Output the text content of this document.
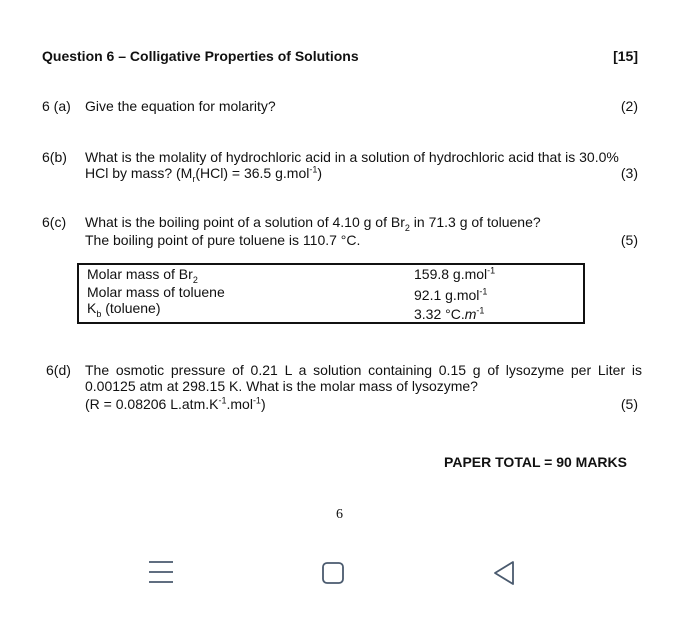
Question 6 – Colligative Properties of Solutions	[15]
6 (a) Give the equation for molarity?	(2)
6(b) What is the molality of hydrochloric acid in a solution of hydrochloric acid that is 30.0%
HCl by mass? ($M_r(HCl) = 36.5$ g.mol$^{-1}$)	(3)
6(c) What is the boiling point of a solution of 4.10 g of $Br_2$ in 71.3 g of toluene?
The boiling point of pure toluene is 110.7 °C.	(5)
Molar mass of $Br_2$	159.8 g.mol$^{-1}$
Molar mass of toluene	92.1 g.mol$^{-1}$
$K_b$ (toluene)	3.32 $^\circ C.m^{-1}$
6(d) The osmotic pressure of 0.21 L a solution containing 0.15 g of lysozyme per Liter is
0.00125 atm at 298.15 K. What is the molar mass of lysozyme?
(R = 0.08206 $L.atm.K^{-1}.mol^{-1}$)	(5)
PAPER TOTAL = 90 MARKS
6
